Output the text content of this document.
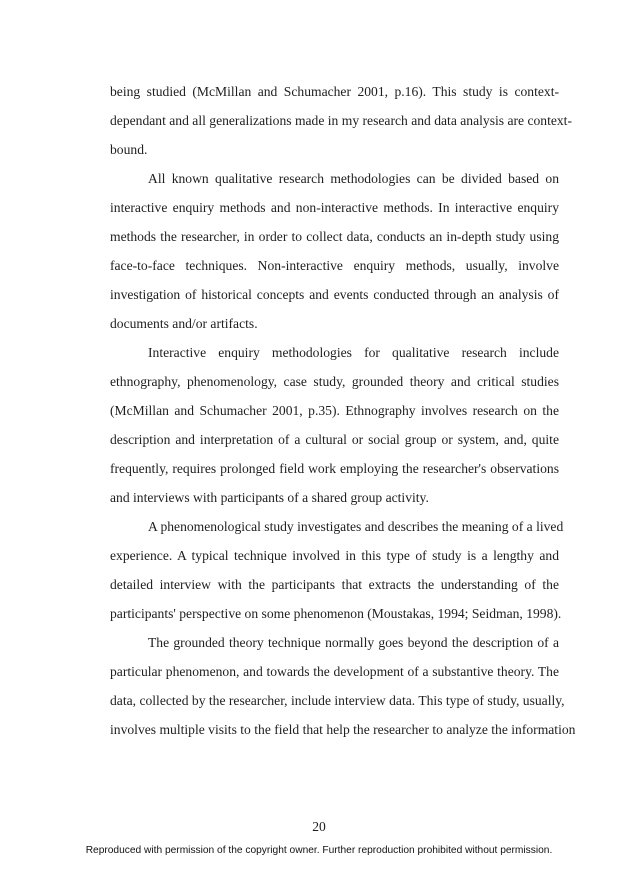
being studied (McMillan and Schumacher 2001, p.16). This study is context-
dependant and all generalizations made in my research and data analysis are context-
bound.
All known qualitative research methodologies can be divided based on
interactive enquiry methods and non-interactive methods. In interactive enquiry
methods the researcher, in order to collect data, conducts an in-depth study using
face-to-face techniques. Non-interactive enquiry methods, usually, involve
investigation of historical concepts and events conducted through an analysis of
documents and/or artifacts.
Interactive enquiry methodologies for qualitative research include
ethnography, phenomenology, case study, grounded theory and critical studies
(McMillan and Schumacher 2001, p.35). Ethnography involves research on the
description and interpretation of a cultural or social group or system, and, quite
frequently, requires prolonged field work employing the researcher's observations
and interviews with participants of a shared group activity.
A phenomenological study investigates and describes the meaning of a lived
experience. A typical technique involved in this type of study is a lengthy and
detailed interview with the participants that extracts the understanding of the
participants' perspective on some phenomenon (Moustakas, 1994; Seidman, 1998).
The grounded theory technique normally goes beyond the description of a
particular phenomenon, and towards the development of a substantive theory. The
data, collected by the researcher, include interview data. This type of study, usually,
involves multiple visits to the field that help the researcher to analyze the information
20
Reproduced with permission of the copyright owner. Further reproduction prohibited without permission.
